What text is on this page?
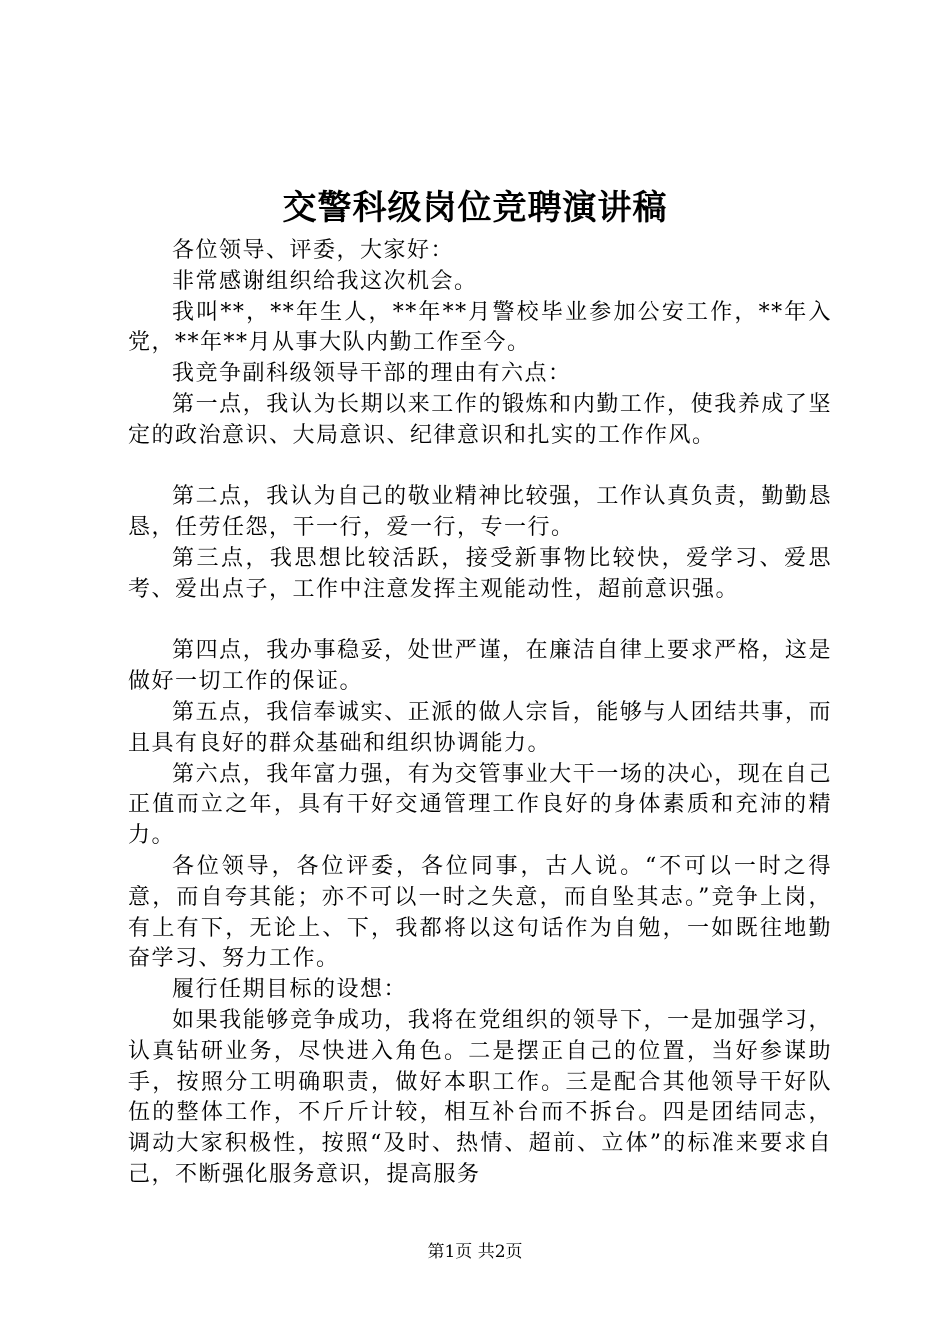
交警科级岗位竞聘演讲稿

各位领导、评委，大家好：

非常感谢组织给我这次机会。

我叫**，**年生人，**年**月警校毕业参加公安工作，**年入党，**年**月从事大队内勤工作至今。

我竞争副科级领导干部的理由有六点：

第一点，我认为长期以来工作的锻炼和内勤工作，使我养成了坚定的政治意识、大局意识、纪律意识和扎实的工作作风。

第二点，我认为自己的敬业精神比较强，工作认真负责，勤勤恳恳，任劳任怨，干一行，爱一行，专一行。

第三点，我思想比较活跃，接受新事物比较快，爱学习、爱思考、爱出点子，工作中注意发挥主观能动性，超前意识强。

第四点，我办事稳妥，处世严谨，在廉洁自律上要求严格，这是做好一切工作的保证。

第五点，我信奉诚实、正派的做人宗旨，能够与人团结共事，而且具有良好的群众基础和组织协调能力。

第六点，我年富力强，有为交管事业大干一场的决心，现在自己正值而立之年，具有干好交通管理工作良好的身体素质和充沛的精力。

各位领导，各位评委，各位同事，古人说。“不可以一时之得意，而自夸其能；亦不可以一时之失意，而自坠其志。”竞争上岗，有上有下，无论上、下，我都将以这句话作为自勉，一如既往地勤奋学习、努力工作。

履行任期目标的设想：

如果我能够竞争成功，我将在党组织的领导下，一是加强学习，认真钻研业务，尽快进入角色。二是摆正自己的位置，当好参谋助手，按照分工明确职责，做好本职工作。三是配合其他领导干好队伍的整体工作，不斤斤计较，相互补台而不拆台。四是团结同志，调动大家积极性，按照“及时、热情、超前、立体”的标准来要求自己，不断强化服务意识，提高服务

第1页 共2页
